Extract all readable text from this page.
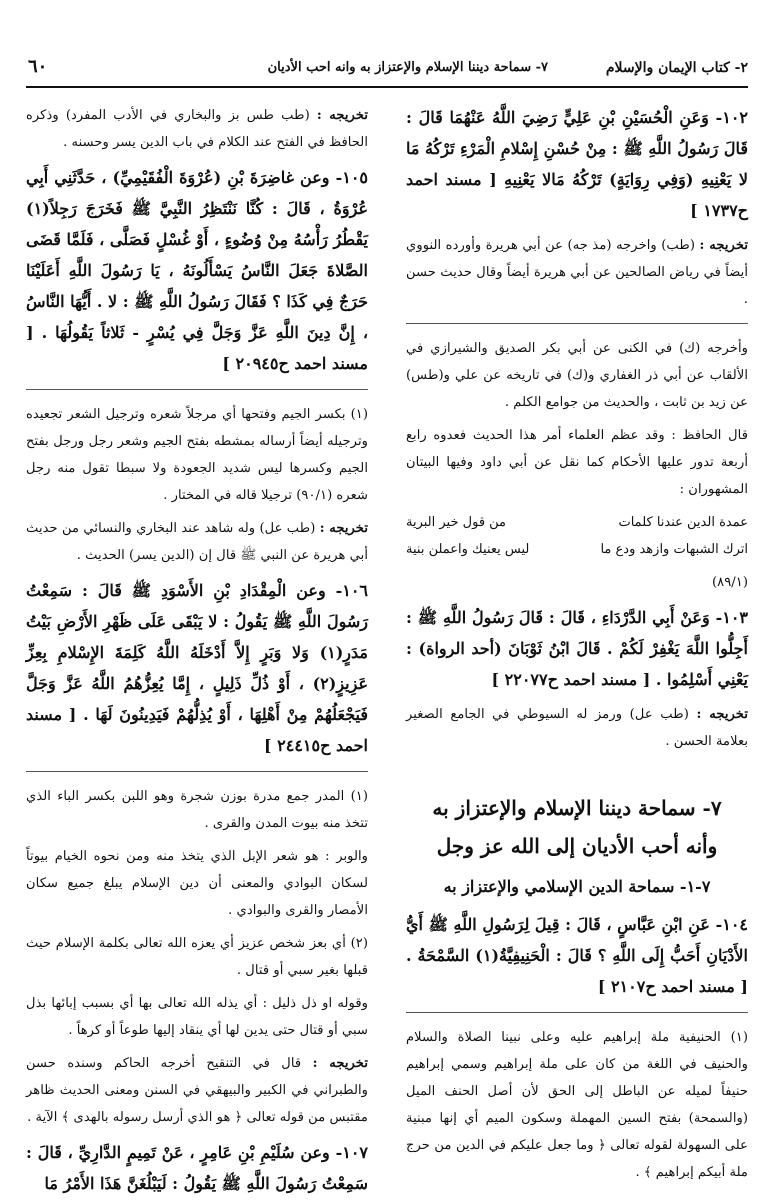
٢- كتاب الإيمان والإسلام
٧- سماحة ديننا الإسلام والإعتزاز به وانه احب الأديان
٦٠
١٠٢- وَعَنِ الْحُسَيْنِ بْنِ عَلِيٍّ رَضِيَ اللَّهُ عَنْهُمَا قَالَ : قَالَ رَسُولُ اللَّهِ ﷺ : مِنْ حُسْنِ إِسْلامِ الْمَرْءِ تَرْكُهُ مَا لا يَعْنِيهِ (وَفِي رِوَايَةٍ) تَرْكُهُ مَالا يَعْنِيهِ [ مسند احمد ح١٧٣٧ ]
تخريجه : (طب) واخرجه (مذ جه) عن أبي هريرة وأورده النووي أيضاً في رياض الصالحين عن أبي هريرة أيضاً وقال حديث حسن .
وأخرجه (ك) في الكنى عن أبي بكر الصديق والشيرازي في الألقاب عن أبي ذر الغفاري و(ك) في تاريخه عن علي و(طس) عن زيد بن ثابت ، والحديث من جوامع الكلم .
قال الحافظ : وقد عظم العلماء أمر هذا الحديث فعدوه رابع أربعة تدور عليها الأحكام كما نقل عن أبي داود وفيها البيتان المشهوران :
عمدة الدين عندنا كلمات
من قول خير البرية
اترك الشبهات وازهد ودع ما
ليس يعنيك واعملن بنية
(٨٩/١)
١٠٣- وَعَنْ أَبِي الدَّرْدَاءِ ، قَالَ : قَالَ رَسُولُ اللَّهِ ﷺ : أَجِلُّوا اللَّهَ يَغْفِرْ لَكُمْ . قَالَ ابْنُ ثَوْبَانَ (أحد الرواة) : يَعْنِي أَسْلِمُوا . [ مسند احمد ح٢٢٠٧٧ ]
تخريجه : (طب عل) ورمز له السيوطي في الجامع الصغير بعلامة الحسن .
٧- سماحة ديننا الإسلام والإعتزاز به
وأنه أحب الأديان إلى الله عز وجل
٧-١- سماحة الدين الإسلامي والإعتزاز به
١٠٤- عَنِ ابْنِ عَبَّاسٍ ، قَالَ : قِيلَ لِرَسُولِ اللَّهِ ﷺ أَيُّ الأَدْيَانِ أَحَبُّ إِلَى اللَّهِ ؟ قَالَ : الْحَنِيفِيَّةُ(١) السَّمْحَةُ . [ مسند احمد ح٢١٠٧ ]
(١) الحنيفية ملة إبراهيم عليه وعلى نبينا الصلاة والسلام والحنيف في اللغة من كان على ملة إبراهيم وسمي إبراهيم حنيفاً لميله عن الباطل إلى الحق لأن أصل الحنف الميل (والسمحة) بفتح السين المهملة وسكون الميم أي إنها مبنية على السهولة لقوله تعالى ﴿ وما جعل عليكم في الدين من حرج ملة أبيكم إبراهيم ﴾ .
تخريجه : (طب طس بز والبخاري في الأدب المفرد) وذكره الحافظ في الفتح عند الكلام في باب الدين يسر وحسنه .
١٠٥- وعن غاضِرَةَ بْنِ (عُرْوَةَ الْفُقَيْمِيِّ) ، حَدَّثَنِي أَبِي عُرْوَةُ ، قَالَ : كُنَّا نَنْتَظِرُ النَّبِيَّ ﷺ فَخَرَجَ رَجِلاً(١) يَقْطُرُ رَأْسُهُ مِنْ وُضُوءٍ ، أَوْ غُسْلٍ فَصَلَّى ، فَلَمَّا قَضَى الصَّلاةَ جَعَلَ النَّاسُ يَسْأَلُونَهُ ، يَا رَسُولَ اللَّهِ أَعَلَيْنَا حَرَجٌ فِي كَذَا ؟ فَقَالَ رَسُولُ اللَّهِ ﷺ : لا . أَيُّهَا النَّاسُ ، إِنَّ دِينَ اللَّهِ عَزَّ وَجَلَّ فِي يُسْرٍ - ثَلاثاً يَقُولُهَا . [ مسند احمد ح٢٠٩٤٥ ]
(١) بكسر الجيم وفتحها أي مرجلاً شعره وترجيل الشعر تجعيده وترجيله أيضاً أرساله بمشطه بفتح الجيم وشعر رجل ورجل بفتح الجيم وكسرها ليس شديد الجعودة ولا سبطا تقول منه رجل شعره (٩٠/١) ترجيلا قاله في المختار .
تخريجه : (طب عل) وله شاهد عند البخاري والنسائي من حديث أبي هريرة عن النبي ﷺ قال إن (الدين يسر) الحديث .
١٠٦- وعن الْمِقْدَادِ بْنِ الأَسْوَدِ ﷺ قَالَ : سَمِعْتُ رَسُولَ اللَّهِ ﷺ يَقُولُ : لا يَبْقَى عَلَى ظَهْرِ الأَرْضِ بَيْتُ مَدَرٍ(١) وَلا وَبَرٍ إِلاَّ أَدْخَلَهُ اللَّهُ كَلِمَةَ الإِسْلامِ بِعِزِّ عَزِيزٍ(٢) ، أَوْ ذُلِّ ذَلِيلٍ ، إِمَّا يُعِزُّهُمُ اللَّهُ عَزَّ وَجَلَّ فَيَجْعَلُهُمْ مِنْ أَهْلِهَا ، أَوْ يُذِلُّهُمْ فَيَدِينُونَ لَهَا . [ مسند احمد ح٢٤٤١٥ ]
(١) المدر جمع مدرة بوزن شجرة وهو اللبن بكسر الباء الذي تتخذ منه بيوت المدن والقرى .
والوبر : هو شعر الإبل الذي يتخذ منه ومن نحوه الخيام بيوتاً لسكان البوادي والمعنى أن دين الإسلام يبلغ جميع سكان الأمصار والقرى والبوادي .
(٢) أي بعز شخص عزيز أي يعزه الله تعالى بكلمة الإسلام حيث قبلها بغير سبي أو قتال .
وقوله او ذل ذليل : أي يذله الله تعالى بها أي بسبب إبائها بذل سبي أو قتال حتى يدين لها أي ينقاد إليها طوعاً أو كرهاً .
تخريجه : قال في التنقيح أخرجه الحاكم وسنده حسن والطبراني في الكبير والبيهقي في السنن ومعنى الحديث ظاهر مقتبس من قوله تعالى ﴿ هو الذي أرسل رسوله بالهدى ﴾ الآية .
١٠٧- وعن سُلَيْمِ بْنِ عَامِرٍ ، عَنْ تَمِيمٍ الدَّارِيِّ ، قَالَ : سَمِعْتُ رَسُولَ اللَّهِ ﷺ يَقُولُ : لَيَبْلُغَنَّ هَذَا الأَمْرُ مَا
